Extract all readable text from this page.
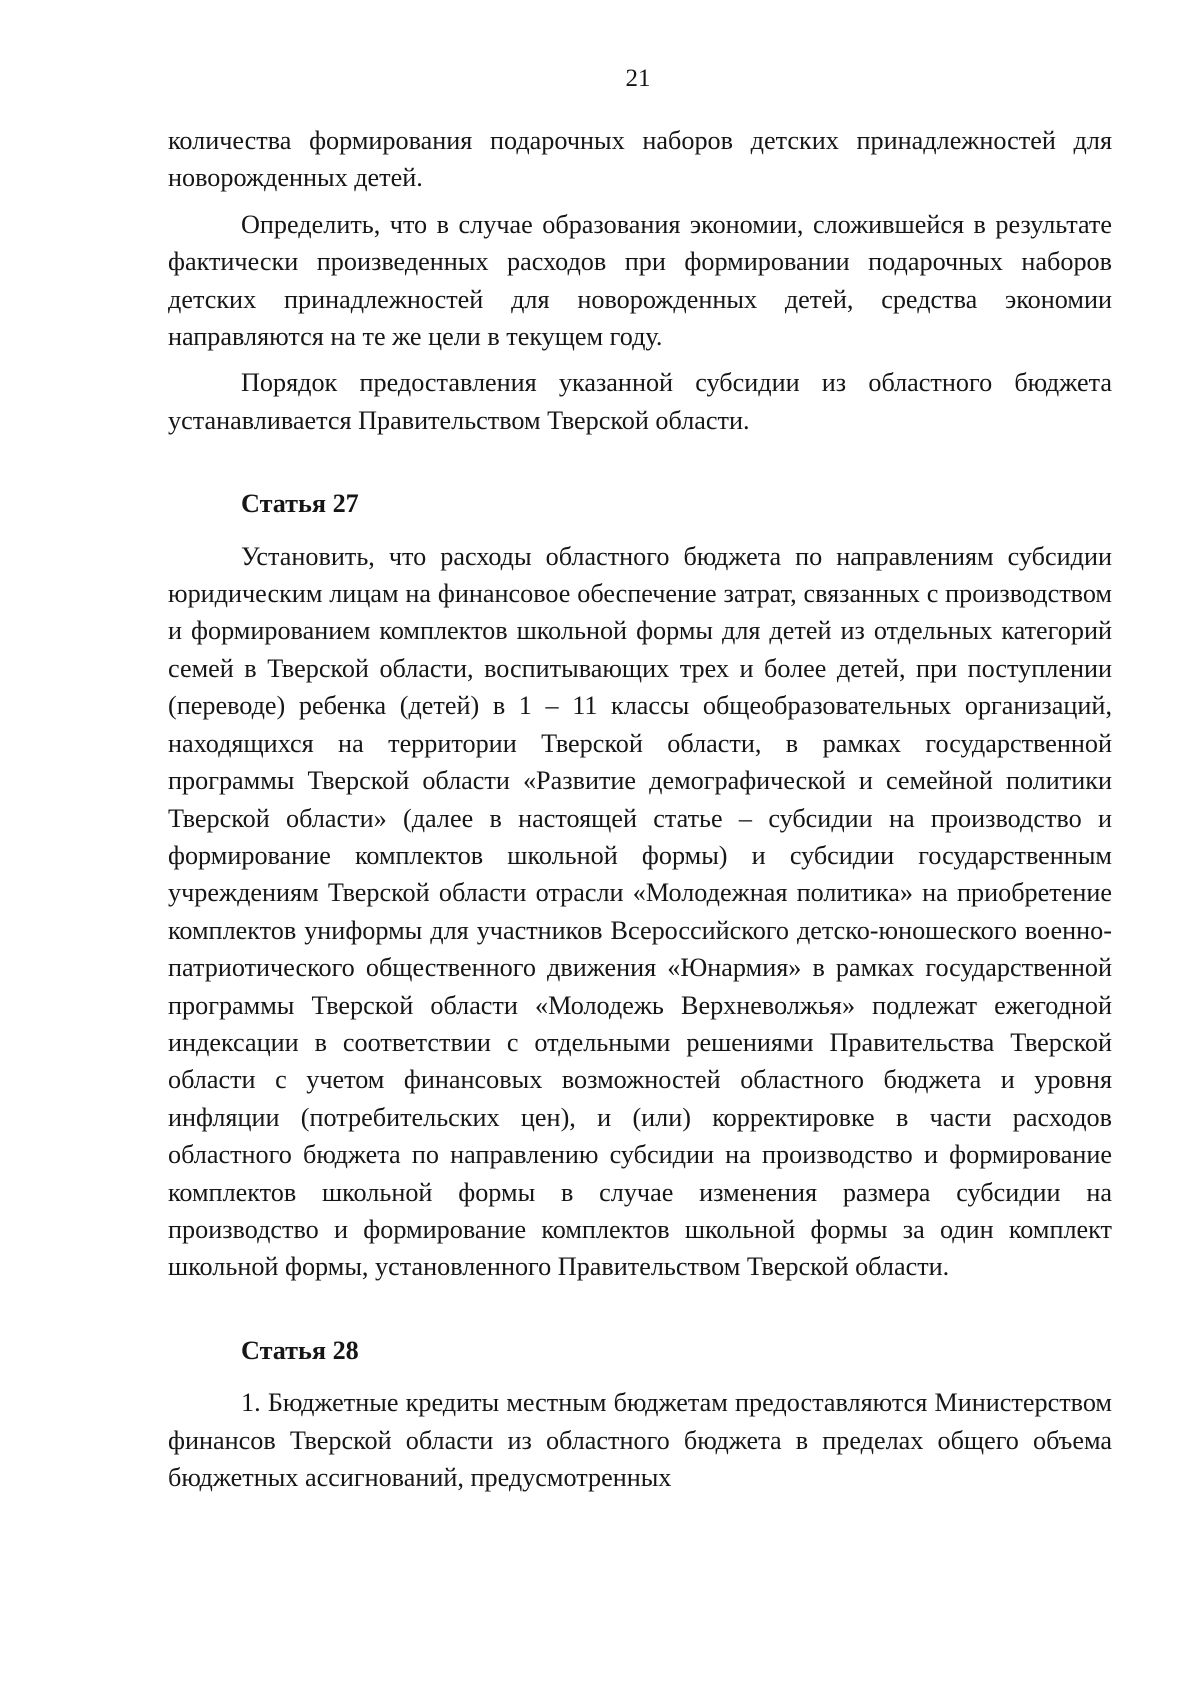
21

количества формирования подарочных наборов детских принадлежностей для новорожденных детей.

Определить, что в случае образования экономии, сложившейся в результате фактически произведенных расходов при формировании подарочных наборов детских принадлежностей для новорожденных детей, средства экономии направляются на те же цели в текущем году.

Порядок предоставления указанной субсидии из областного бюджета устанавливается Правительством Тверской области.

Статья 27

Установить, что расходы областного бюджета по направлениям субсидии юридическим лицам на финансовое обеспечение затрат, связанных с производством и формированием комплектов школьной формы для детей из отдельных категорий семей в Тверской области, воспитывающих трех и более детей, при поступлении (переводе) ребенка (детей) в 1 – 11 классы общеобразовательных организаций, находящихся на территории Тверской области, в рамках государственной программы Тверской области «Развитие демографической и семейной политики Тверской области» (далее в настоящей статье – субсидии на производство и формирование комплектов школьной формы) и субсидии государственным учреждениям Тверской области отрасли «Молодежная политика» на приобретение комплектов униформы для участников Всероссийского детско-юношеского военно-патриотического общественного движения «Юнармия» в рамках государственной программы Тверской области «Молодежь Верхневолжья» подлежат ежегодной индексации в соответствии с отдельными решениями Правительства Тверской области с учетом финансовых возможностей областного бюджета и уровня инфляции (потребительских цен), и (или) корректировке в части расходов областного бюджета по направлению субсидии на производство и формирование комплектов школьной формы в случае изменения размера субсидии на производство и формирование комплектов школьной формы за один комплект школьной формы, установленного Правительством Тверской области.

Статья 28

1. Бюджетные кредиты местным бюджетам предоставляются Министерством финансов Тверской области из областного бюджета в пределах общего объема бюджетных ассигнований, предусмотренных
